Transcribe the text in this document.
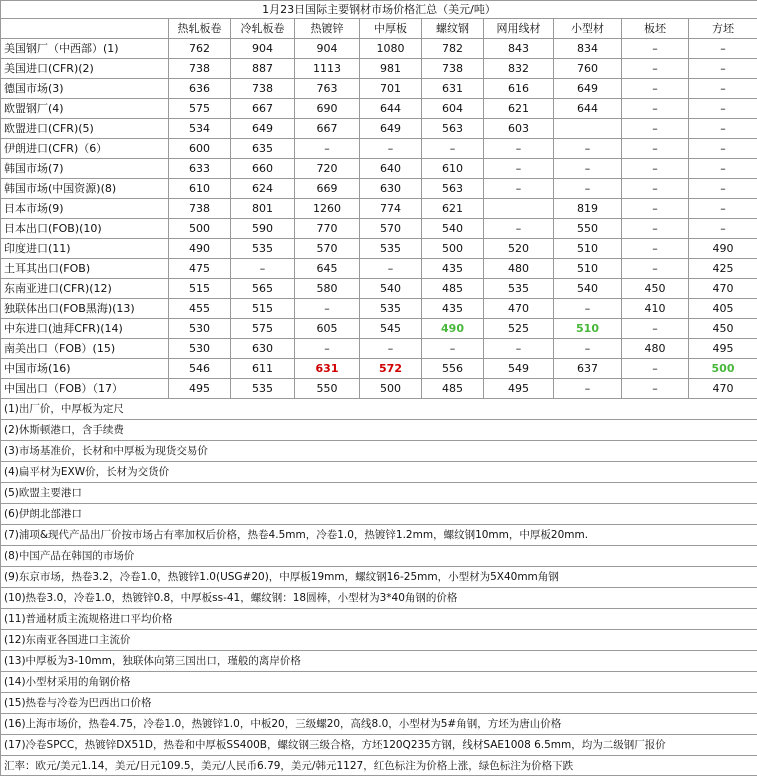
1月23日国际主要钢材市场价格汇总（美元/吨）									
	热轧板卷	冷轧板卷	热镀锌	中厚板	螺纹钢	网用线材	小型材	板坯	方坯
美国钢厂（中西部）(1)	762	904	904	1080	782	843	834	–	–
美国进口(CFR)(2)	738	887	1113	981	738	832	760	–	–
德国市场(3)	636	738	763	701	631	616	649	–	–
欧盟钢厂(4)	575	667	690	644	604	621	644	–	–
欧盟进口(CFR)(5)	534	649	667	649	563	603		–	–
伊朗进口(CFR)（6）	600	635	–	–	–	–	–	–	–
韩国市场(7)	633	660	720	640	610	–	–	–	–
韩国市场(中国资源)(8)	610	624	669	630	563	–	–	–	–
日本市场(9)	738	801	1260	774	621		819	–	–
日本出口(FOB)(10)	500	590	770	570	540	–	550	–	–
印度进口(11)	490	535	570	535	500	520	510	–	490
土耳其出口(FOB)	475	–	645	–	435	480	510	–	425
东南亚进口(CFR)(12)	515	565	580	540	485	535	540	450	470
独联体出口(FOB黑海)(13)	455	515	–	535	435	470	–	410	405
中东进口(迪拜CFR)(14)	530	575	605	545	490	525	510	–	450
南美出口（FOB）(15)	530	630	–	–	–	–	–	480	495
中国市场(16)	546	611	631	572	556	549	637	–	500
中国出口（FOB）（17）	495	535	550	500	485	495	–	–	470
(1)出厂价，中厚板为定尺									
(2)休斯顿港口，含手续费									
(3)市场基准价，长材和中厚板为现货交易价									
(4)扁平材为EXW价，长材为交货价									
(5)欧盟主要港口									
(6)伊朗北部港口									
(7)浦项&现代产品出厂价按市场占有率加权后价格，热卷4.5mm，冷卷1.0，热镀锌1.2mm，螺纹钢10mm，中厚板20mm.									
(8)中国产品在韩国的市场价									
(9)东京市场，热卷3.2，冷卷1.0，热镀锌1.0(USG#20)，中厚板19mm，螺纹钢16-25mm，小型材为5X40mm角钢									
(10)热卷3.0，冷卷1.0，热镀锌0.8，中厚板ss-41，螺纹钢：18圆棒，小型材为3*40角钢的价格									
(11)普通材质主流规格进口平均价格									
(12)东南亚各国进口主流价									
(13)中厚板为3-10mm，独联体向第三国出口，瑾般的离岸价格									
(14)小型材采用的角钢价格									
(15)热卷与冷卷为巴西出口价格									
(16)上海市场价，热卷4.75，冷卷1.0，热镀锌1.0，中板20，三级螺20，高线8.0，小型材为5#角钢，方坯为唐山价格									
(17)冷卷SPCC，热镀锌DX51D，热卷和中厚板SS400B，螺纹钢三级合格，方坯120Q235方钢，线材SAE1008 6.5mm，均为二级钢厂报价									
汇率：欧元/美元1.14，美元/日元109.5，美元/人民币6.79，美元/韩元1127，红色标注为价格上涨，绿色标注为价格下跌									
